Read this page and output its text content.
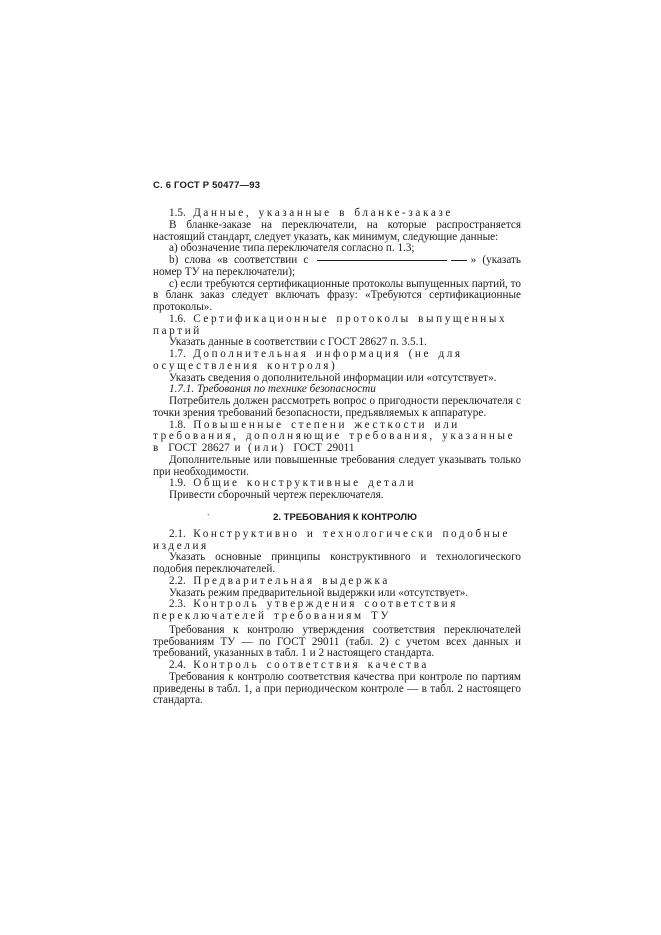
С. 6 ГОСТ Р 50477—93

1.5. Данные, указанные в бланке-заказе

В бланке-заказе на переключатели, на которые распространяется настоящий стандарт, следует указать, как минимум, следующие данные:

а) обозначение типа переключателя согласно п. 1.3;

b) слова «в соответствии с	» (указать номер ТУ на переключатели);

с) если требуются сертификационные протоколы выпущенных партий, то в бланк заказ следует включать фразу: «Требуются сертификационные протоколы».

1.6. Сертификационные протоколы выпущенных партий

Указать данные в соответствии с ГОСТ 28627 п. 3.5.1.

1.7. Дополнительная информация (не для осуществления контроля)

Указать сведения о дополнительной информации или «отсутствует».

1.7.1. Требования по технике безопасности

Потребитель должен рассмотреть вопрос о пригодности переключателя с точки зрения требований безопасности, предъявляемых к аппаратуре.

1.8. Повышенные степени жесткости или требования, дополняющие требования, указанные в ГОСТ 28627 и (или) ГОСТ 29011

Дополнительные или повышенные требования следует указывать только при необходимости.

1.9. Общие конструктивные детали

Привести сборочный чертеж переключателя.

`	2. ТРЕБОВАНИЯ К КОНТРОЛЮ

2.1. Конструктивно и технологически подобные изделия

Указать основные принципы конструктивного и технологического подобия переключателей.

2.2. Предварительная выдержка

Указать режим предварительной выдержки или «отсутствует».

2.3. Контроль утверждения соответствия переключателей требованиям ТУ

Требования к контролю утверждения соответствия переключателей требованиям ТУ — по ГОСТ 29011 (табл. 2) с учетом всех данных и требований, указанных в табл. 1 и 2 настоящего стандарта.

2.4. Контроль соответствия качества

Требования к контролю соответствия качества при контроле по партиям приведены в табл. 1, а при периодическом контроле — в табл. 2 настоящего стандарта.
